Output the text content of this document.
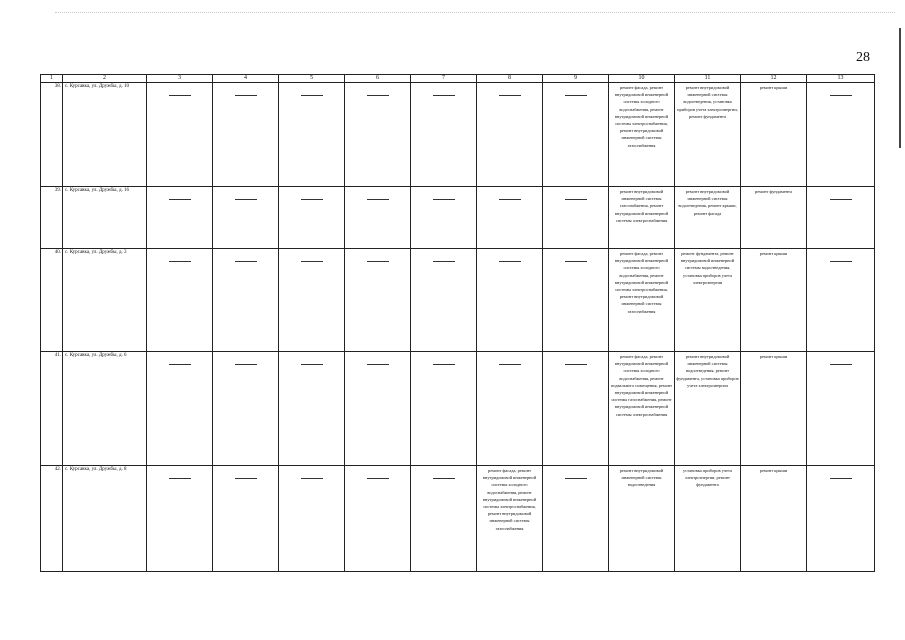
28
1	2	3	4	5	6	7	8	9	10	11	12	13
38.	с. Курсавка, ул. Дружбы, д. 10								ремонт фасада, ремонт внутридомовой инженерной системы холодного водоснабжения, ремонт внутридомовой инженерной системы электроснабжения, ремонт внутридомовой инженерной системы газоснабжения	ремонт внутридомовой инженерной системы водоотведения, установка приборов учета электроэнергии, ремонт фундамента	ремонт крыши	
39.	с. Курсавка, ул. Дружбы, д. 16								ремонт внутридомовой инженерной системы газоснабжения, ремонт внутридомовой инженерной системы электроснабжения	ремонт внутридомовой инженерной системы водоотведения, ремонт крыши, ремонт фасада	ремонт фундамента	
40.	с. Курсавка, ул. Дружбы, д. 3								ремонт фасада, ремонт внутридомовой инженерной системы холодного водоснабжения, ремонт внутридомовой инженерной системы электроснабжения, ремонт внутридомовой инженерной системы газоснабжения	ремонт фундамента, ремонт внутридомовой инженерной системы водоотведения, установка приборов учета электроэнергии	ремонт крыши	
41.	с. Курсавка, ул. Дружбы, д. 6								ремонт фасада, ремонт внутридомовой инженерной системы холодного водоснабжения, ремонт подвального помещения, ремонт внутридомовой инженерной системы газоснабжения, ремонт внутридомовой инженерной системы электроснабжения	ремонт внутридомовой инженерной системы водоотведения, ремонт фундамента, установка приборов учета электроэнергии	ремонт крыши	
42.	с. Курсавка, ул. Дружбы, д. 8						ремонт фасада, ремонт внутридомовой инженерной системы холодного водоснабжения, ремонт внутридомовой инженерной системы электроснабжения, ремонт внутридомовой инженерной системы газоснабжения		ремонт внутридомовой инженерной системы водоотведения	установка приборов учета электроэнергии, ремонт фундамента	ремонт крыши	
